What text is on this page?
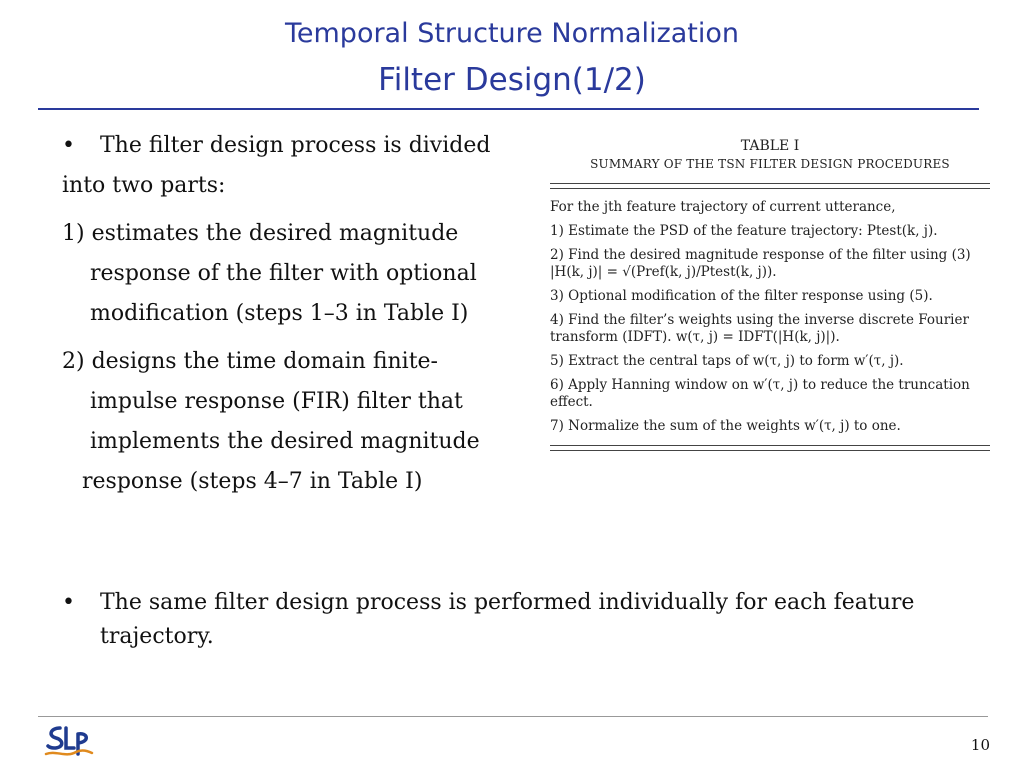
Temporal Structure Normalization
Filter Design(1/2)
• The filter design process is divided
into two parts:
1) estimates the desired magnitude
response of the filter with optional
modification (steps 1–3 in Table I)
2) designs the time domain finite-
impulse response (FIR) filter that
implements the desired magnitude
response (steps 4–7 in Table I)
TABLE I
SUMMARY OF THE TSN FILTER DESIGN PROCEDURES
For the jth feature trajectory of current utterance,
1) Estimate the PSD of the feature trajectory: Ptest(k, j).
2) Find the desired magnitude response of the filter using (3) |H(k, j)| = √(Pref(k, j)/Ptest(k, j)).
3) Optional modification of the filter response using (5).
4) Find the filter’s weights using the inverse discrete Fourier transform (IDFT). w(τ, j) = IDFT(|H(k, j)|).
5) Extract the central taps of w(τ, j) to form w′(τ, j).
6) Apply Hanning window on w′(τ, j) to reduce the truncation effect.
7) Normalize the sum of the weights w′(τ, j) to one.
• The same filter design process is performed individually for each feature trajectory.
10
